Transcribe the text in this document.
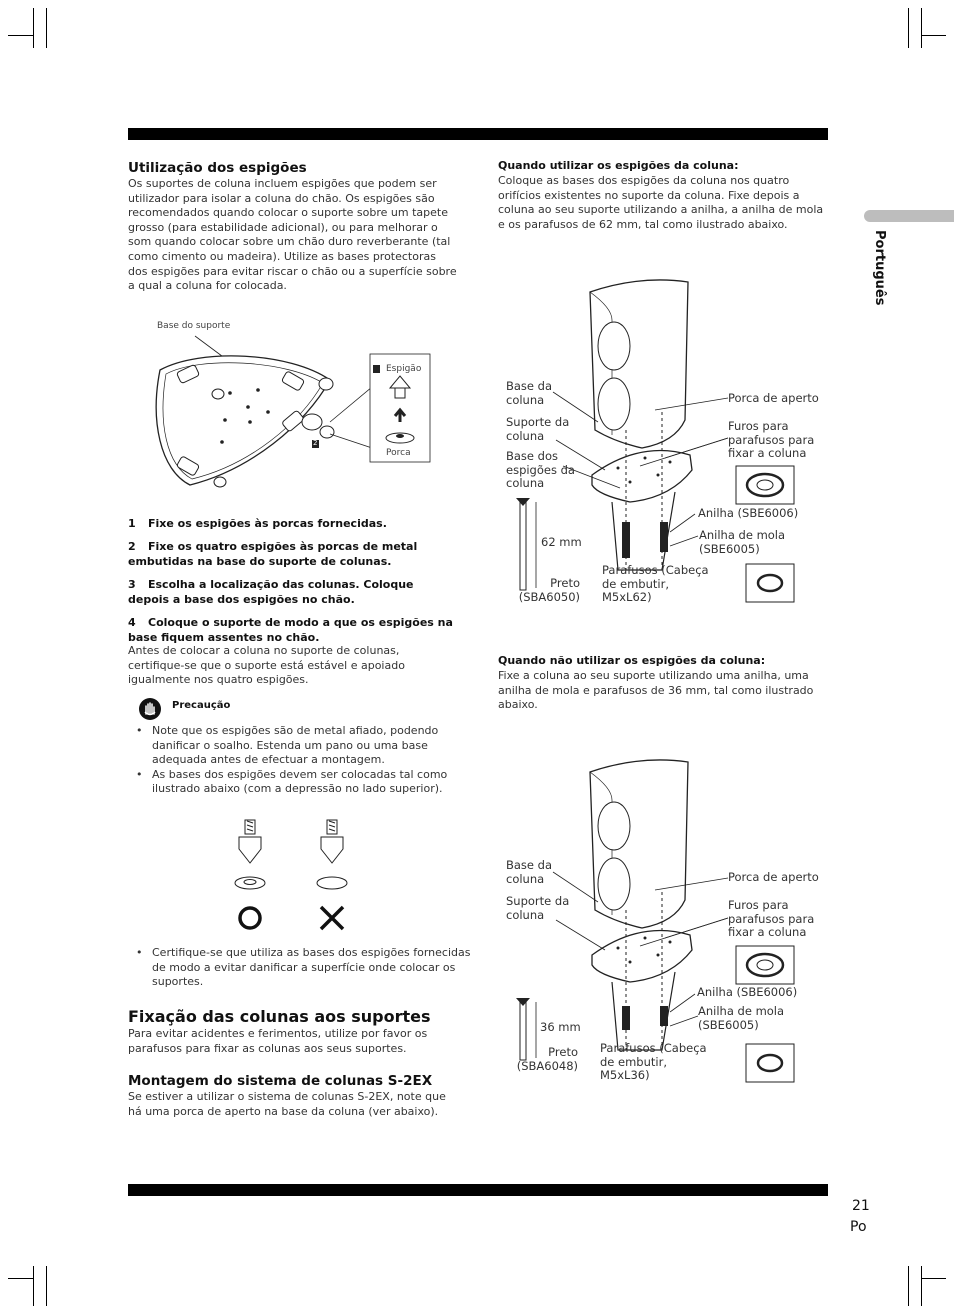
Português
Utilização dos espigões
Os suportes de coluna incluem espigões que podem ser utilizador para isolar a coluna do chão. Os espigões são recomendados quando colocar o suporte sobre um tapete grosso (para estabilidade adicional), ou para melhorar o som quando colocar sobre um chão duro reverberante (tal como cimento ou madeira). Utilize as bases protectoras dos espigões para evitar riscar o chão ou a superfície sobre a qual a coluna for colocada.
Base do suporte
1 Espigão
2
Porca
1 Fixe os espigões às porcas fornecidas.
2 Fixe os quatro espigões às porcas de metal embutidas na base do suporte de colunas.
3 Escolha a localização das colunas. Coloque depois a base dos espigões no chão.
4 Coloque o suporte de modo a que os espigões na base fiquem assentes no chão.
Antes de colocar a coluna no suporte de colunas, certifique-se que o suporte está estável e apoiado igualmente nos quatro espigões.
Precaução
• Note que os espigões são de metal afiado, podendo danificar o soalho. Estenda um pano ou uma base adequada antes de efectuar a montagem.
• As bases dos espigões devem ser colocadas tal como ilustrado abaixo (com a depressão no lado superior).
• Certifique-se que utiliza as bases dos espigões fornecidas de modo a evitar danificar a superfície onde colocar os suportes.
Fixação das colunas aos suportes
Para evitar acidentes e ferimentos, utilize por favor os parafusos para fixar as colunas aos seus suportes.
Montagem do sistema de colunas S-2EX
Se estiver a utilizar o sistema de colunas S-2EX, note que há uma porca de aperto na base da coluna (ver abaixo).
Quando utilizar os espigões da coluna:
Coloque as bases dos espigões da coluna nos quatro orifícios existentes no suporte da coluna. Fixe depois a coluna ao seu suporte utilizando a anilha, a anilha de mola e os parafusos de 62 mm, tal como ilustrado abaixo.
Base da coluna
Suporte da coluna
Base dos espigões da coluna
Porca de aperto
Furos para parafusos para fixar a coluna
Anilha (SBE6006)
Anilha de mola (SBE6005)
62 mm
Preto (SBA6050)
Parafusos (Cabeça de embutir, M5xL62)
Quando não utilizar os espigões da coluna:
Fixe a coluna ao seu suporte utilizando uma anilha, uma anilha de mola e parafusos de 36 mm, tal como ilustrado abaixo.
Base da coluna
Suporte da coluna
Porca de aperto
Furos para parafusos para fixar a coluna
Anilha (SBE6006)
Anilha de mola (SBE6005)
36 mm
Preto (SBA6048)
Parafusos (Cabeça de embutir, M5xL36)
21
Po
